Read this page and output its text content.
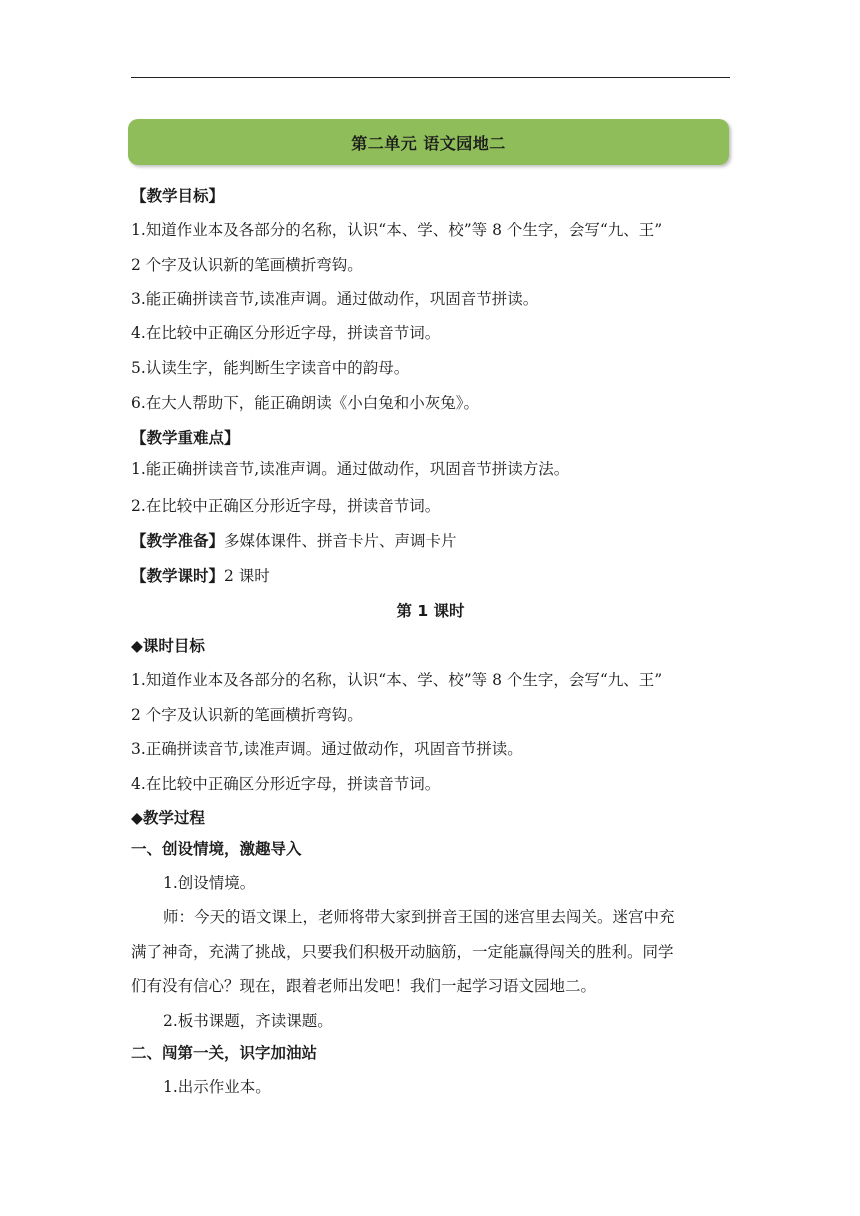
第二单元 语文园地二
【教学目标】
1.知道作业本及各部分的名称，认识“本、学、校”等 8 个生字，会写“九、王”
2 个字及认识新的笔画横折弯钩。
3.能正确拼读音节,读准声调。通过做动作，巩固音节拼读。
4.在比较中正确区分形近字母，拼读音节词。
5.认读生字，能判断生字读音中的韵母。
6.在大人帮助下，能正确朗读《小白兔和小灰兔》。
【教学重难点】
1.能正确拼读音节,读准声调。通过做动作，巩固音节拼读方法。
2.在比较中正确区分形近字母，拼读音节词。
【教学准备】多媒体课件、拼音卡片、声调卡片
【教学课时】2 课时
第 1 课时
◆课时目标
1.知道作业本及各部分的名称，认识“本、学、校”等 8 个生字，会写“九、王”
2 个字及认识新的笔画横折弯钩。
3.正确拼读音节,读准声调。通过做动作，巩固音节拼读。
4.在比较中正确区分形近字母，拼读音节词。
◆教学过程
一、创设情境，激趣导入
1.创设情境。
师：今天的语文课上，老师将带大家到拼音王国的迷宫里去闯关。迷宫中充
满了神奇，充满了挑战，只要我们积极开动脑筋，一定能赢得闯关的胜利。同学
们有没有信心？现在，跟着老师出发吧！我们一起学习语文园地二。
2.板书课题，齐读课题。
二、闯第一关，识字加油站
1.出示作业本。
